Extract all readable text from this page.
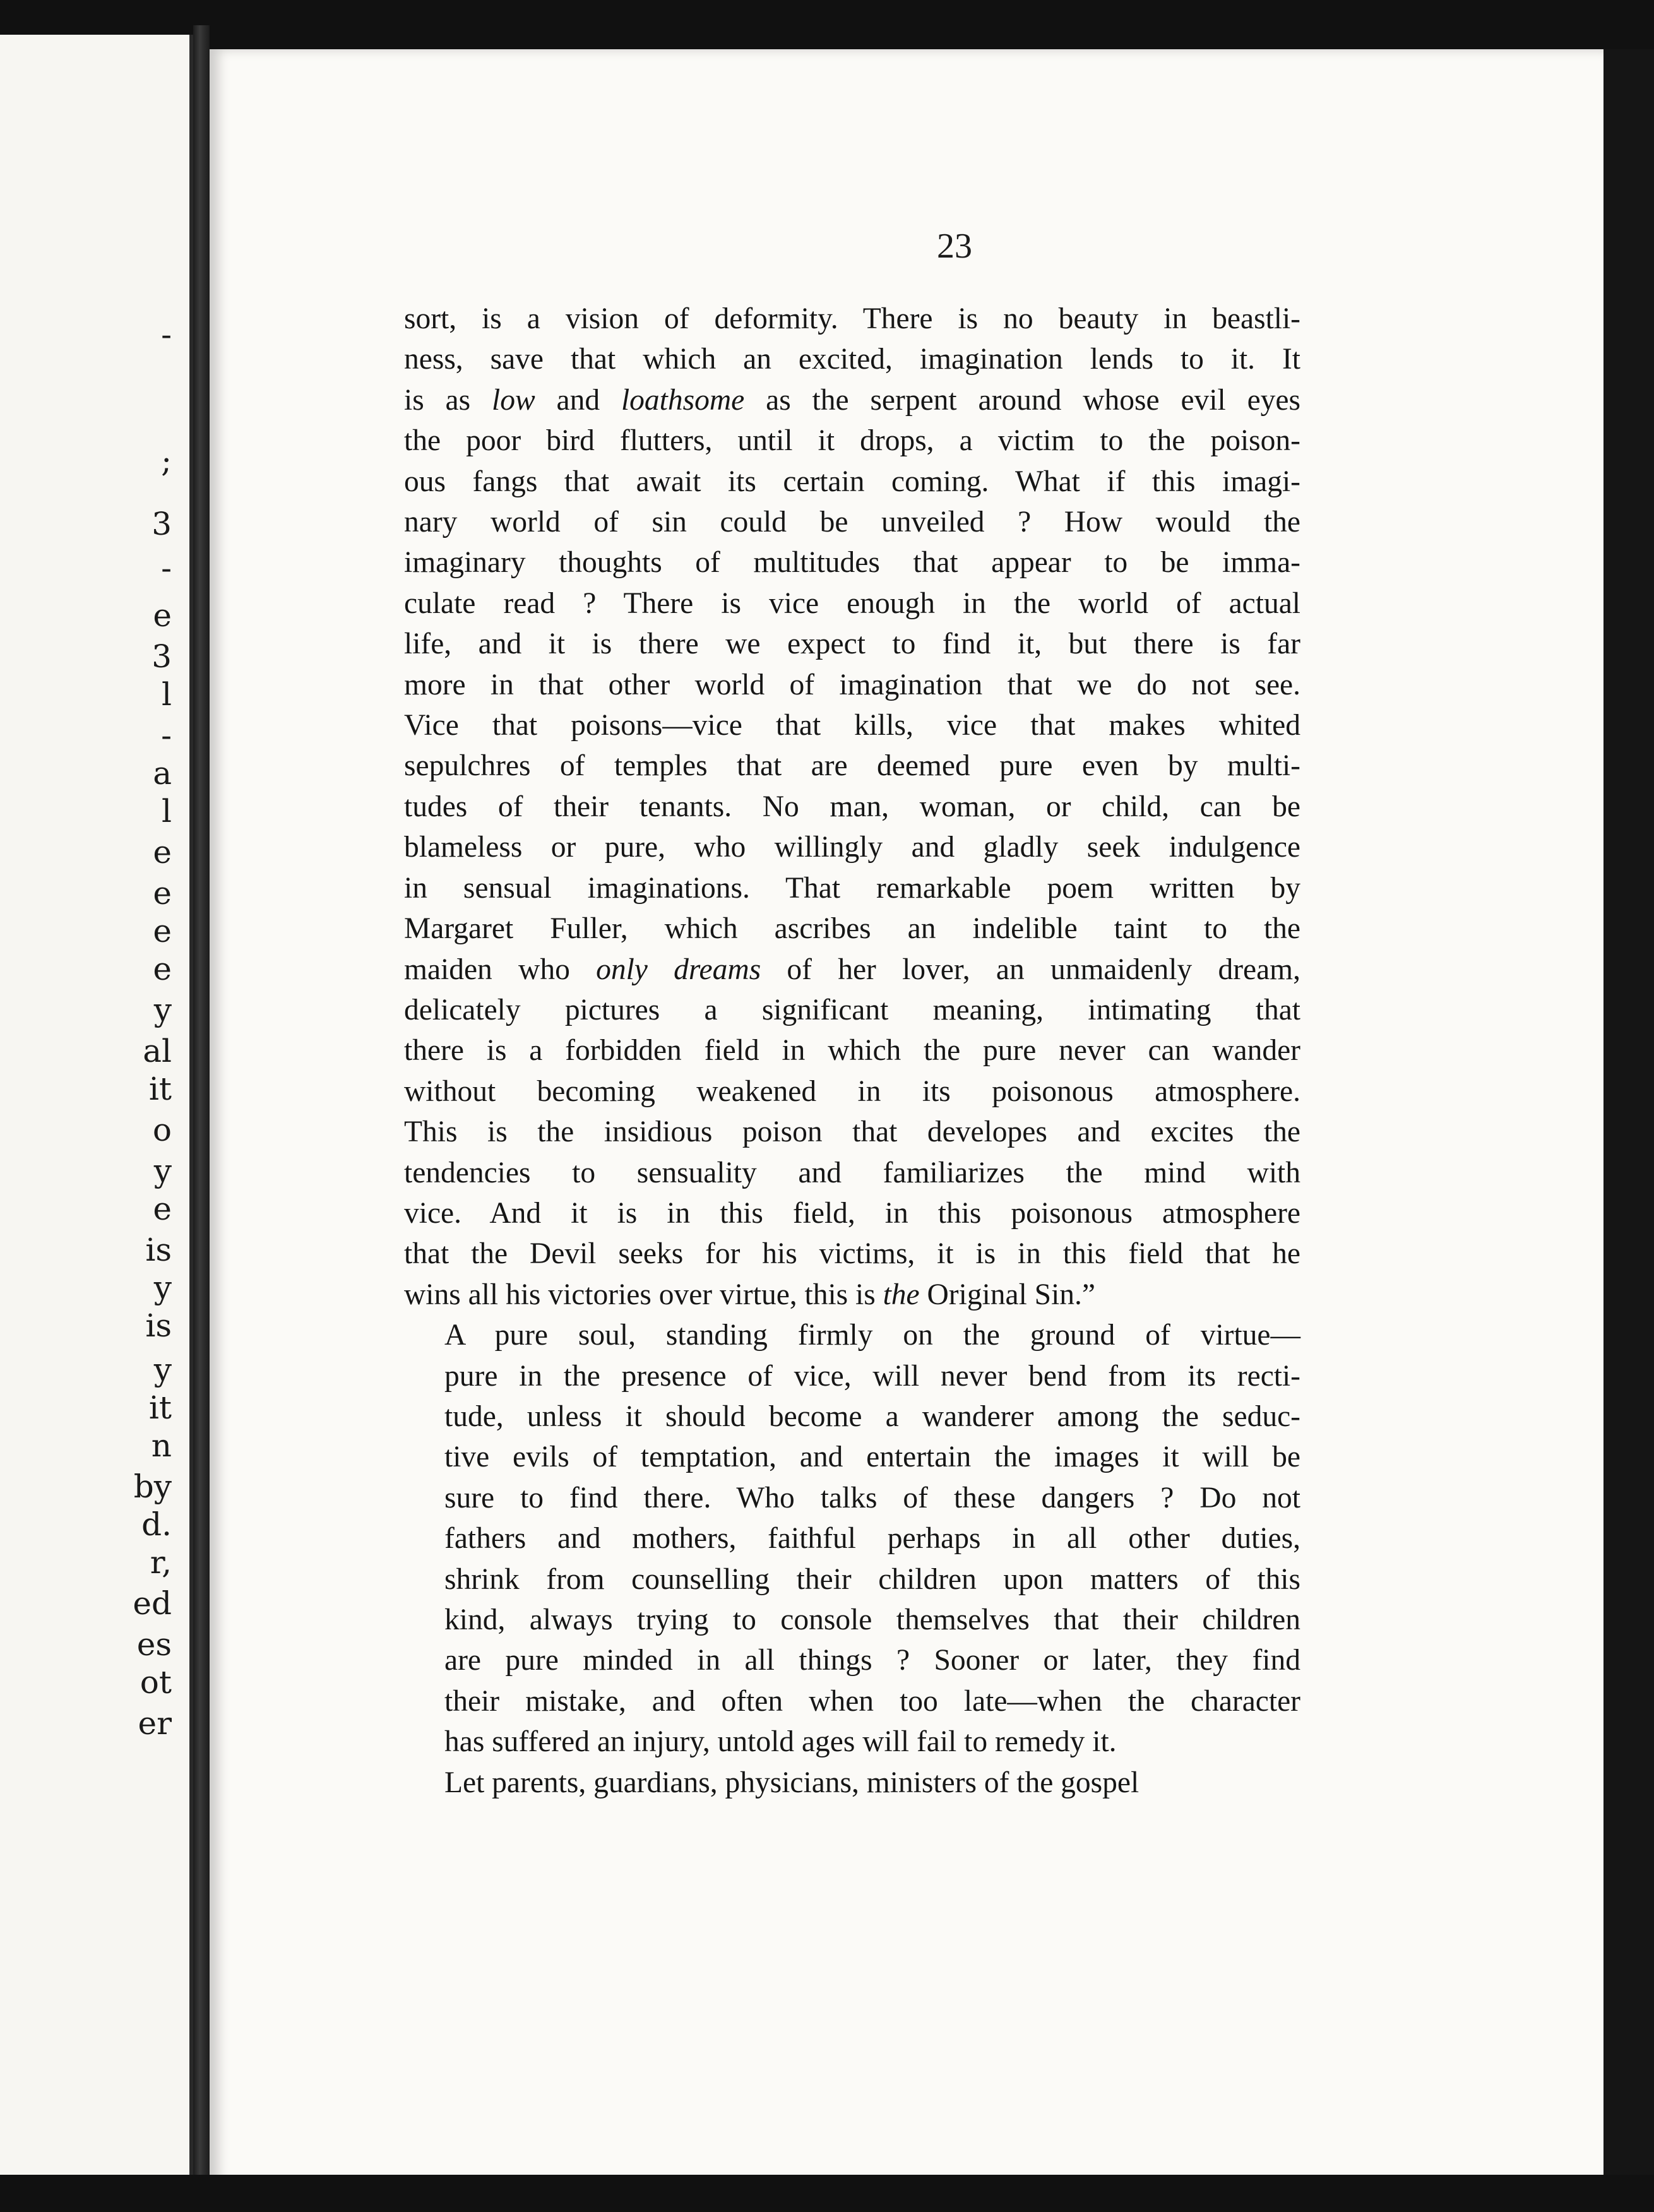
-
;
3
-
e
3
l
-
a
l
e
e
e
e
y
al
it
o
y
e
is
y
is
y
it
n
by
d.
r,
ed
es
ot
er
23

sort, is a vision of deformity. There is no beauty in beastli-
ness, save that which an excited, imagination lends to it. It
is as low and loathsome as the serpent around whose evil eyes
the poor bird flutters, until it drops, a victim to the poison-
ous fangs that await its certain coming. What if this imagi-
nary world of sin could be unveiled ? How would the
imaginary thoughts of multitudes that appear to be imma-
culate read ? There is vice enough in the world of actual
life, and it is there we expect to find it, but there is far
more in that other world of imagination that we do not see.
Vice that poisons—vice that kills, vice that makes whited
sepulchres of temples that are deemed pure even by multi-
tudes of their tenants. No man, woman, or child, can be
blameless or pure, who willingly and gladly seek indulgence
in sensual imaginations. That remarkable poem written by
Margaret Fuller, which ascribes an indelible taint to the
maiden who only dreams of her lover, an unmaidenly dream,
delicately pictures a significant meaning, intimating that
there is a forbidden field in which the pure never can wander
without becoming weakened in its poisonous atmosphere.
This is the insidious poison that developes and excites the
tendencies to sensuality and familiarizes the mind with
vice. And it is in this field, in this poisonous atmosphere
that the Devil seeks for his victims, it is in this field that he
wins all his victories over virtue, this is the Original Sin.”

A pure soul, standing firmly on the ground of virtue—
pure in the presence of vice, will never bend from its recti-
tude, unless it should become a wanderer among the seduc-
tive evils of temptation, and entertain the images it will be
sure to find there. Who talks of these dangers ? Do not
fathers and mothers, faithful perhaps in all other duties,
shrink from counselling their children upon matters of this
kind, always trying to console themselves that their children
are pure minded in all things ? Sooner or later, they find
their mistake, and often when too late—when the character
has suffered an injury, untold ages will fail to remedy it.

Let parents, guardians, physicians, ministers of the gospel
